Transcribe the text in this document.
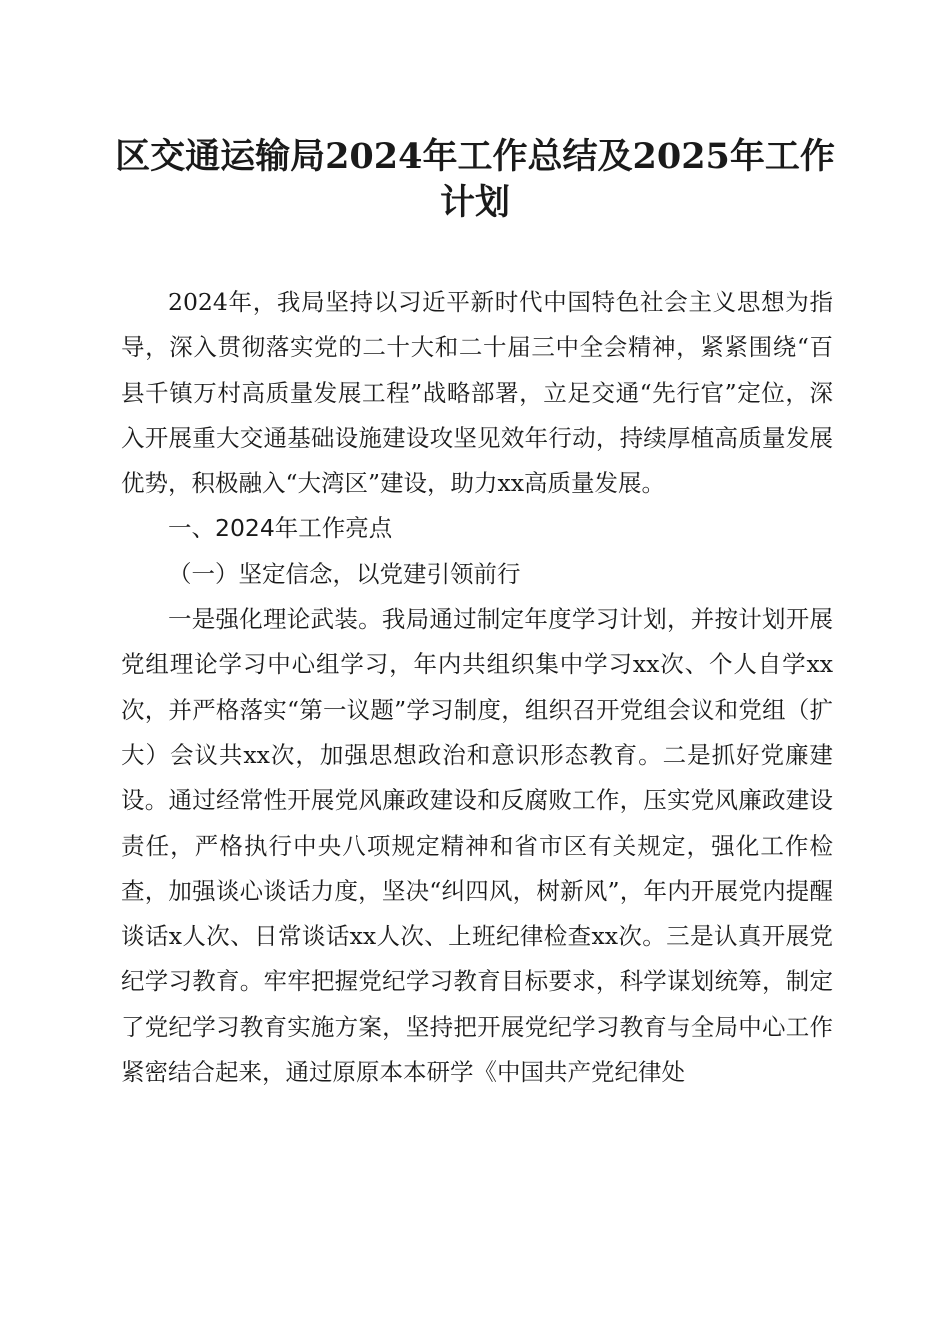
区交通运输局2024年工作总结及2025年工作
计划

2024年，我局坚持以习近平新时代中国特色社会主义思想为指导，深入贯彻落实党的二十大和二十届三中全会精神，紧紧围绕“百县千镇万村高质量发展工程”战略部署，立足交通“先行官”定位，深入开展重大交通基础设施建设攻坚见效年行动，持续厚植高质量发展优势，积极融入“大湾区”建设，助力xx高质量发展。

一、2024年工作亮点

（一）坚定信念，以党建引领前行

一是强化理论武装。我局通过制定年度学习计划，并按计划开展党组理论学习中心组学习，年内共组织集中学习xx次、个人自学xx次，并严格落实“第一议题”学习制度，组织召开党组会议和党组（扩大）会议共xx次，加强思想政治和意识形态教育。二是抓好党廉建设。通过经常性开展党风廉政建设和反腐败工作，压实党风廉政建设责任，严格执行中央八项规定精神和省市区有关规定，强化工作检查，加强谈心谈话力度，坚决“纠四风，树新风”，年内开展党内提醒谈话x人次、日常谈话xx人次、上班纪律检查xx次。三是认真开展党纪学习教育。牢牢把握党纪学习教育目标要求，科学谋划统筹，制定了党纪学习教育实施方案，坚持把开展党纪学习教育与全局中心工作紧密结合起来，通过原原本本研学《中国共产党纪律处
